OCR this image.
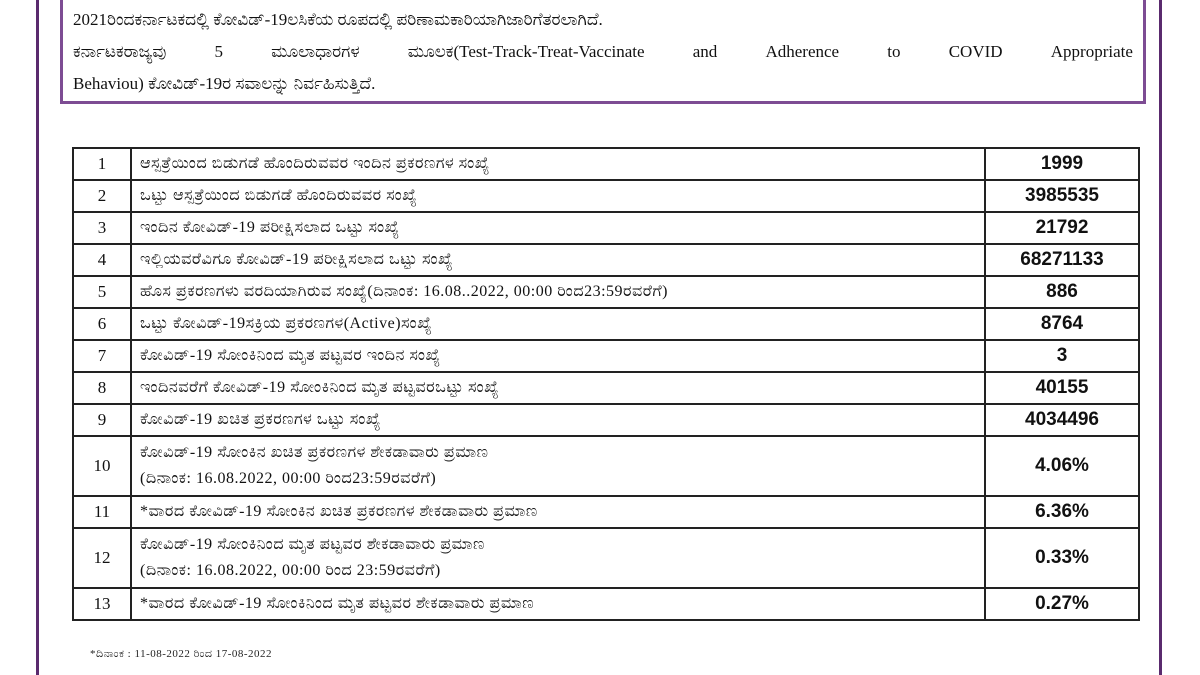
2021ರಿಂದಕರ್ನಾಟಕದಲ್ಲಿ ಕೋವಿಡ್-19ಲಸಿಕೆಯ ರೂಪದಲ್ಲಿ ಪರಿಣಾಮಕಾರಿಯಾಗಿಜಾರಿಗೆತರಲಾಗಿದೆ.
ಕರ್ನಾಟಕರಾಜ್ಯವು	5	ಮೂಲಾಧಾರಗಳ	ಮೂಲಕ(Test-Track-Treat-Vaccinate	and	Adherence	to	COVID	Appropriate
Behaviou) ಕೋವಿಡ್-19ರ ಸವಾಲನ್ನು ನಿರ್ವಹಿಸುತ್ತಿದೆ.
1	ಆಸ್ಪತ್ರೆಯಿಂದ ಬಿಡುಗಡೆ ಹೊಂದಿರುವವರ ಇಂದಿನ ಪ್ರಕರಣಗಳ ಸಂಖ್ಯೆ	1999
2	ಒಟ್ಟು ಆಸ್ಪತ್ರೆಯಿಂದ ಬಿಡುಗಡೆ ಹೊಂದಿರುವವರ ಸಂಖ್ಯೆ	3985535
3	ಇಂದಿನ ಕೋವಿಡ್-19 ಪರೀಕ್ಷಿಸಲಾದ ಒಟ್ಟು ಸಂಖ್ಯೆ	21792
4	ಇಲ್ಲಿಯವರೆವಿಗೂ ಕೋವಿಡ್-19 ಪರೀಕ್ಷಿಸಲಾದ ಒಟ್ಟು ಸಂಖ್ಯೆ	68271133
5	ಹೊಸ ಪ್ರಕರಣಗಳು ವರದಿಯಾಗಿರುವ ಸಂಖ್ಯೆ(ದಿನಾಂಕ: 16.08..2022, 00:00 ರಿಂದ23:59ರವರೆಗೆ)	886
6	ಒಟ್ಟು ಕೋವಿಡ್-19ಸಕ್ರಿಯ ಪ್ರಕರಣಗಳ(Active)ಸಂಖ್ಯೆ	8764
7	ಕೋವಿಡ್-19 ಸೋಂಕಿನಿಂದ ಮೃತ ಪಟ್ಟವರ ಇಂದಿನ ಸಂಖ್ಯೆ	3
8	ಇಂದಿನವರೆಗೆ ಕೋವಿಡ್-19 ಸೋಂಕಿನಿಂದ ಮೃತ ಪಟ್ಟವರಒಟ್ಟು ಸಂಖ್ಯೆ	40155
9	ಕೋವಿಡ್-19 ಖಚಿತ ಪ್ರಕರಣಗಳ ಒಟ್ಟು ಸಂಖ್ಯೆ	4034496
10	ಕೋವಿಡ್-19 ಸೋಂಕಿನ ಖಚಿತ ಪ್ರಕರಣಗಳ ಶೇಕಡಾವಾರು ಪ್ರಮಾಣ
(ದಿನಾಂಕ: 16.08.2022, 00:00 ರಿಂದ23:59ರವರೆಗೆ)	4.06%
11	*ವಾರದ ಕೋವಿಡ್-19 ಸೋಂಕಿನ ಖಚಿತ ಪ್ರಕರಣಗಳ ಶೇಕಡಾವಾರು ಪ್ರಮಾಣ	6.36%
12	ಕೋವಿಡ್-19 ಸೋಂಕಿನಿಂದ ಮೃತ ಪಟ್ಟವರ ಶೇಕಡಾವಾರು ಪ್ರಮಾಣ
(ದಿನಾಂಕ: 16.08.2022, 00:00 ರಿಂದ 23:59ರವರೆಗೆ)	0.33%
13	*ವಾರದ ಕೋವಿಡ್-19 ಸೋಂಕಿನಿಂದ ಮೃತ ಪಟ್ಟವರ ಶೇಕಡಾವಾರು ಪ್ರಮಾಣ	0.27%
*ದಿನಾಂಕ : 11-08-2022 ರಿಂದ 17-08-2022
